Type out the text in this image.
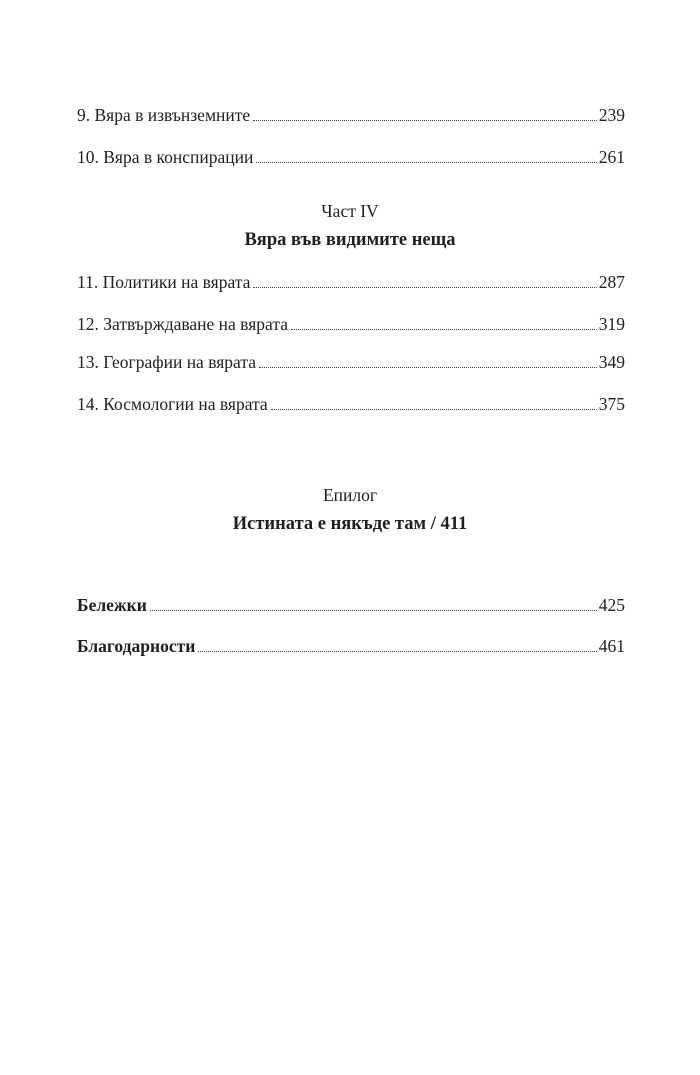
9. Вяра в извънземните	239
10. Вяра в конспирации	261
Част IV
Вяра във видимите неща
11. Политики на вярата	287
12. Затвърждаване на вярата	319
13. Географии на вярата	349
14. Космологии на вярата	375
Епилог
Истината е някъде там / 411
Бележки	425
Благодарности	461
